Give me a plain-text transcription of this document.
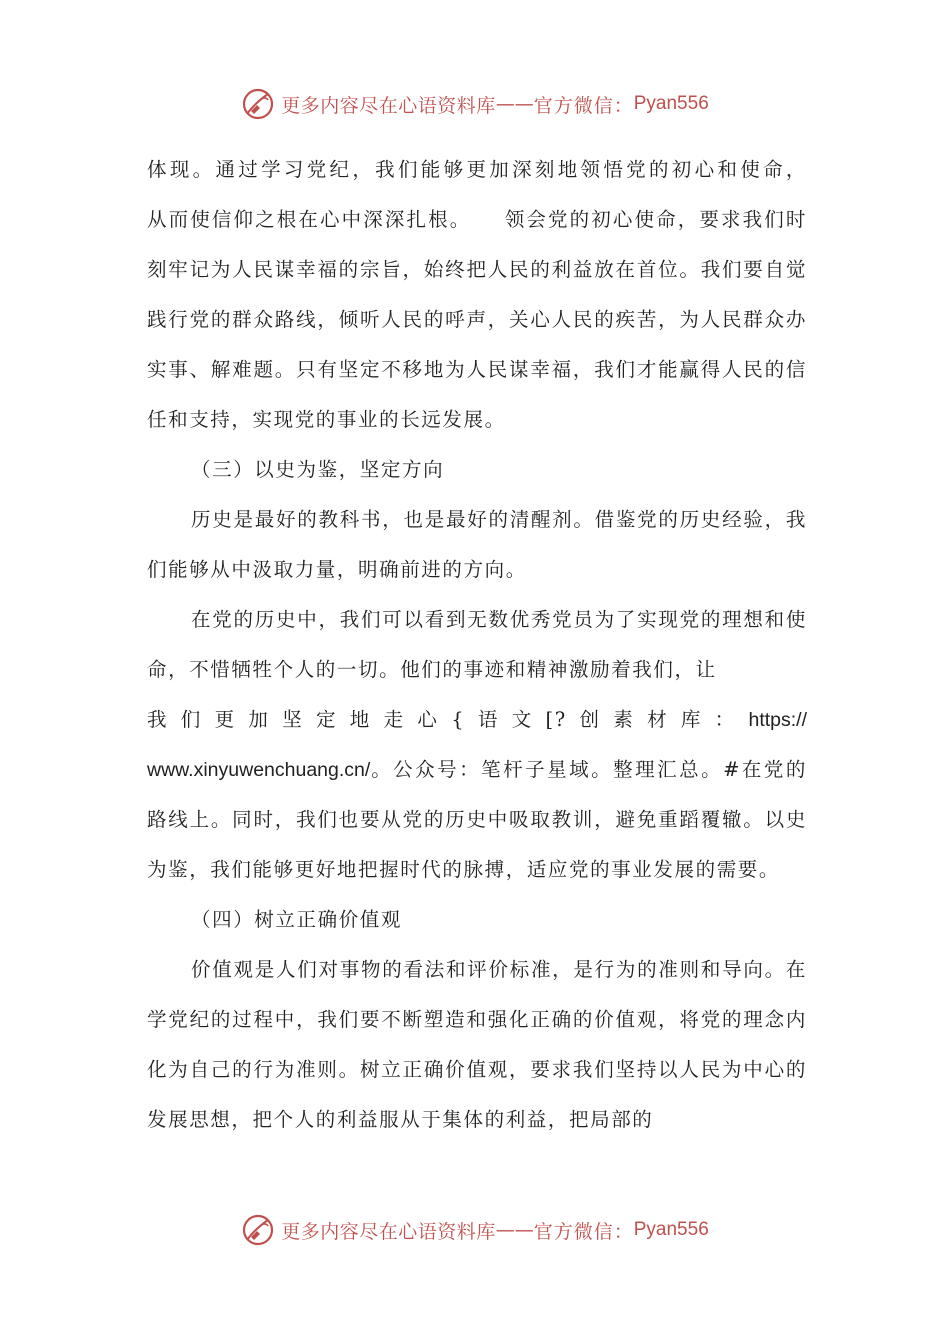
更多内容尽在心语资料库 —— 官方微信： Pyan556

体现。通过学习党纪，我们能够更加深刻地领悟党的初心和使命，

从而使信仰之根在心中深深扎根。　　领会党的初心使命，要求我们时刻牢记为人民谋幸福的宗旨，始终把人民的利益放在首位。我们要自觉践行党的群众路线，倾听人民的呼声，关心人民的疾苦，为人民群众办实事、解难题。只有坚定不移地为人民谋幸福，我们才能赢得人民的信任和支持，实现党的事业的长远发展。

（三）以史为鉴，坚定方向

历史是最好的教科书，也是最好的清醒剂。借鉴党的历史经验，我们能够从中汲取力量，明确前进的方向。

在党的历史中，我们可以看到无数优秀党员为了实现党的理想和使命，不惜牺牲个人的一切。他们的事迹和精神激励着我们，让

我们更加坚定地走心{语文[?创素材库：https://

www.xinyuwenchuang.cn/。公众号：笔杆子星域。整理汇总。#在党的路线上。同时，我们也要从党的历史中吸取教训，避免重蹈覆辙。以史为鉴，我们能够更好地把握时代的脉搏，适应党的事业发展的需要。

（四）树立正确价值观

价值观是人们对事物的看法和评价标准，是行为的准则和导向。在学党纪的过程中，我们要不断塑造和强化正确的价值观，将党的理念内化为自己的行为准则。树立正确价值观，要求我们坚持以人民为中心的发展思想，把个人的利益服从于集体的利益，把局部的

更多内容尽在心语资料库 —— 官方微信： Pyan556
